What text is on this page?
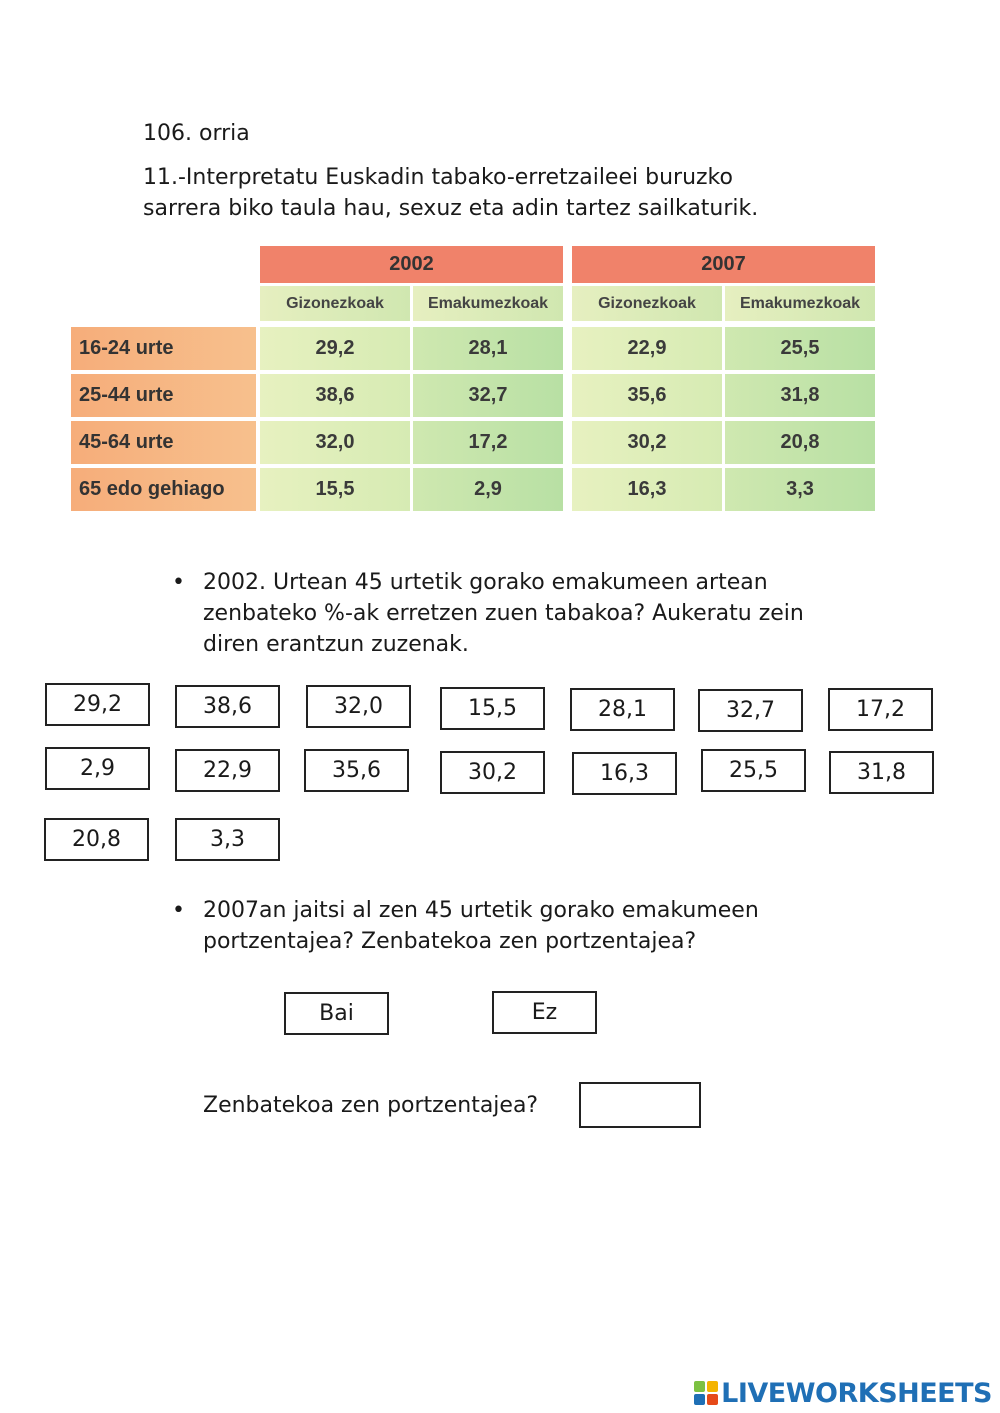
106. orria
11.-Interpretatu Euskadin tabako-erretzaileei buruzko
sarrera biko taula hau, sexuz eta adin tartez sailkaturik.
2002	2007
Gizonezkoak	Emakumezkoak	Gizonezkoak	Emakumezkoak
16-24 urte	29,2	28,1	22,9	25,5
25-44 urte	38,6	32,7	35,6	31,8
45-64 urte	32,0	17,2	30,2	20,8
65 edo gehiago	15,5	2,9	16,3	3,3
• 2002. Urtean 45 urtetik gorako emakumeen artean
zenbateko %-ak erretzen zuen tabakoa? Aukeratu zein
diren erantzun zuzenak.
29,2	38,6	32,0	15,5	28,1	32,7	17,2
2,9	22,9	35,6	30,2	16,3	25,5	31,8
20,8	3,3
• 2007an jaitsi al zen 45 urtetik gorako emakumeen
portzentajea? Zenbatekoa zen portzentajea?
Bai	Ez
Zenbatekoa zen portzentajea?
LIVEWORKSHEETS
